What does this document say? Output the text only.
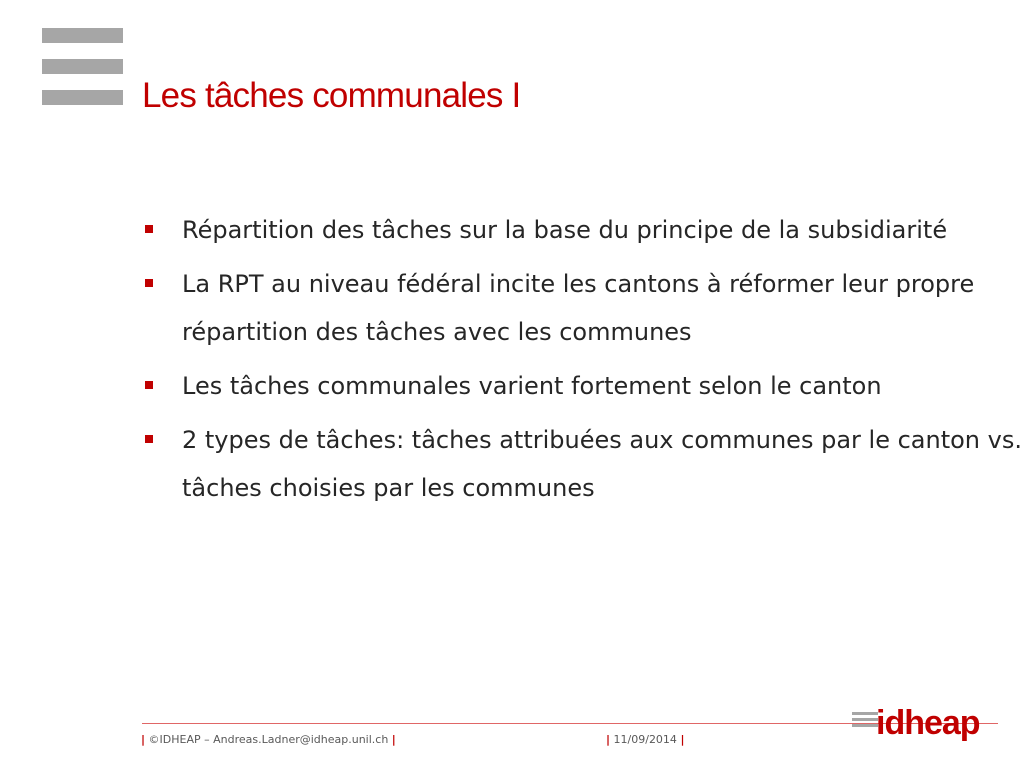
Les tâches communales I
Répartition des tâches sur la base du principe de la subsidiarité
La RPT au niveau fédéral incite les cantons à réformer leur propre répartition des tâches avec les communes
Les tâches communales varient fortement selon le canton
2 types de tâches: tâches attribuées aux communes par le canton vs. tâches choisies par les communes
| ©IDHEAP – Andreas.Ladner@idheap.unil.ch |	| 11/09/2014 |	idheap
